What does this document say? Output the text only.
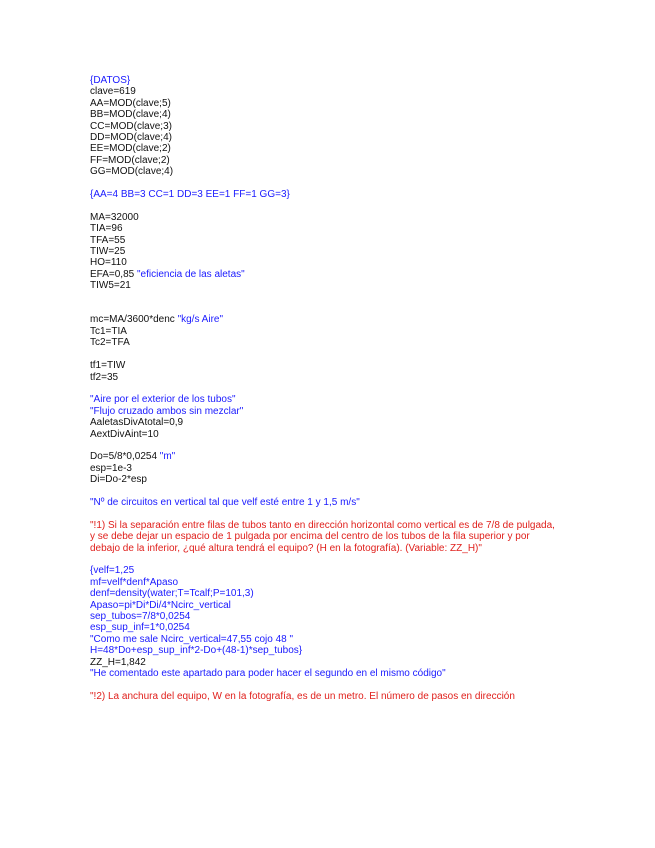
{DATOS}
clave=619
AA=MOD(clave;5)
BB=MOD(clave;4)
CC=MOD(clave;3)
DD=MOD(clave;4)
EE=MOD(clave;2)
FF=MOD(clave;2)
GG=MOD(clave;4)
{AA=4 BB=3 CC=1 DD=3 EE=1 FF=1 GG=3}
MA=32000
TIA=96
TFA=55
TIW=25
HO=110
EFA=0,85 "eficiencia de las aletas"
TIW5=21
mc=MA/3600*denc "kg/s Aire"
Tc1=TIA
Tc2=TFA
tf1=TIW
tf2=35
"Aire por el exterior de los tubos"
"Flujo cruzado ambos sin mezclar"
AaletasDivAtotal=0,9
AextDivAint=10
Do=5/8*0,0254 "m"
esp=1e-3
Di=Do-2*esp
"Nº de circuitos en vertical tal que velf esté entre 1 y 1,5 m/s"
"!1) Si la separación entre filas de tubos tanto en dirección horizontal como vertical es de 7/8 de pulgada, y se debe dejar un espacio de 1 pulgada por encima del centro de los tubos de la fila superior y por debajo de la inferior, ¿qué altura tendrá el equipo? (H en la fotografía). (Variable: ZZ_H)"
{velf=1,25
mf=velf*denf*Apaso
denf=density(water;T=Tcalf;P=101,3)
Apaso=pi*Di*Di/4*Ncirc_vertical
sep_tubos=7/8*0,0254
esp_sup_inf=1*0,0254
"Como me sale Ncirc_vertical=47,55 cojo 48 "
H=48*Do+esp_sup_inf*2-Do+(48-1)*sep_tubos}
ZZ_H=1,842
"He comentado este apartado para poder hacer el segundo en el mismo código"
"!2) La anchura del equipo, W en la fotografía, es de un metro. El número de pasos en dirección
